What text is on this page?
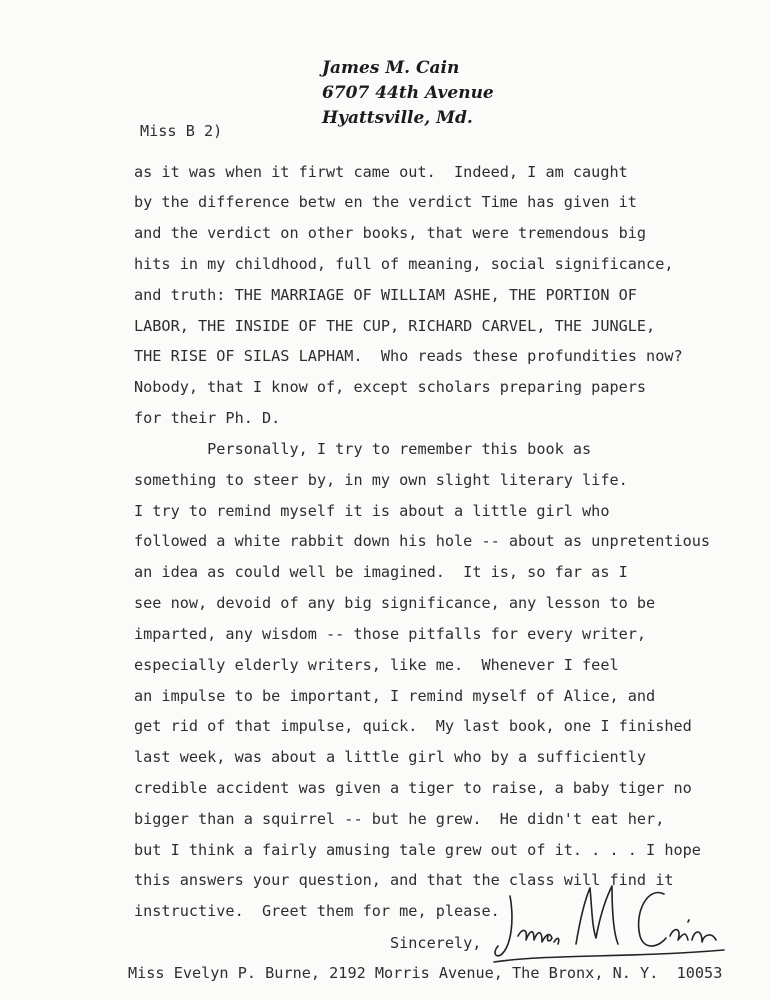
James M. Cain
6707 44th Avenue
Hyattsville, Md.
Miss B 2)
as it was when it firwt came out.  Indeed, I am caught
by the difference betw en the verdict Time has given it
and the verdict on other books, that were tremendous big
hits in my childhood, full of meaning, social significance,
and truth: THE MARRIAGE OF WILLIAM ASHE, THE PORTION OF
LABOR, THE INSIDE OF THE CUP, RICHARD CARVEL, THE JUNGLE,
THE RISE OF SILAS LAPHAM.  Who reads these profundities now?
Nobody, that I know of, except scholars preparing papers
for their Ph. D.
Personally, I try to remember this book as
something to steer by, in my own slight literary life.
I try to remind myself it is about a little girl who
followed a white rabbit down his hole -- about as unpretentious
an idea as could well be imagined.  It is, so far as I
see now, devoid of any big significance, any lesson to be
imparted, any wisdom -- those pitfalls for every writer,
especially elderly writers, like me.  Whenever I feel
an impulse to be important, I remind myself of Alice, and
get rid of that impulse, quick.  My last book, one I finished
last week, was about a little girl who by a sufficiently
credible accident was given a tiger to raise, a baby tiger no
bigger than a squirrel -- but he grew.  He didn't eat her,
but I think a fairly amusing tale grew out of it. . . . I hope
this answers your question, and that the class will find it
instructive.  Greet them for me, please.
Sincerely,
Miss Evelyn P. Burne, 2192 Morris Avenue, The Bronx, N. Y.  10053
